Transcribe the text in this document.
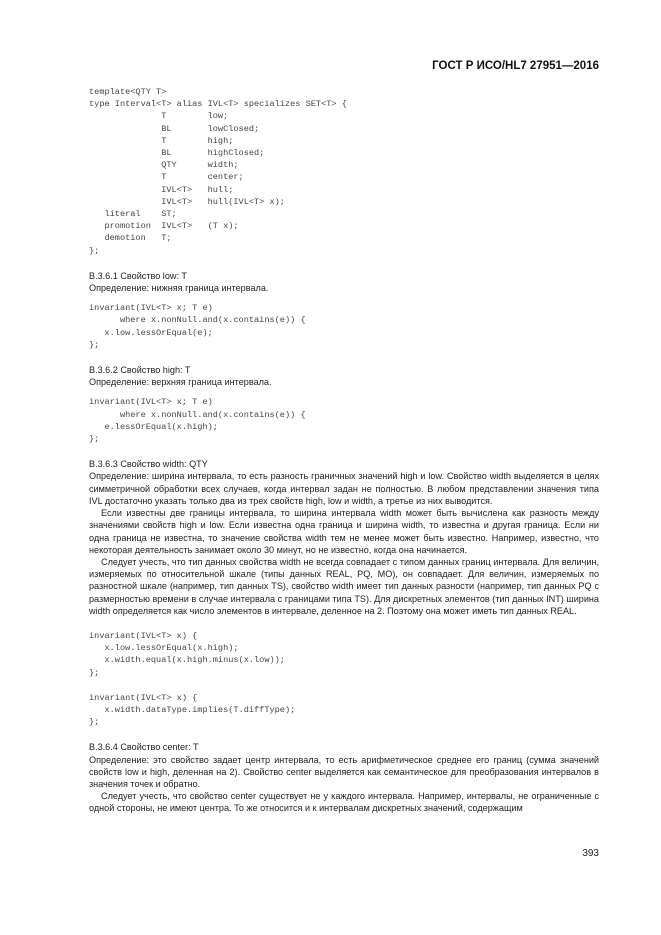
ГОСТ Р ИСО/HL7 27951—2016
template<QTY T>
type Interval<T> alias IVL<T> specializes SET<T> {
T        low;
BL       lowClosed;
T        high;
BL       highClosed;
QTY      width;
T        center;
IVL<T>   hull;
IVL<T>   hull(IVL<T> x);
literal    ST;
promotion  IVL<T>   (T x);
demotion   T;
};

B.3.6.1 Свойство low: T

Определение: нижняя граница интервала.

invariant(IVL<T> x; T e)
where x.nonNull.and(x.contains(e)) {
x.low.lessOrEqual(e);
};

B.3.6.2 Свойство high: T

Определение: верхняя граница интервала.

invariant(IVL<T> x; T e)
where x.nonNull.and(x.contains(e)) {
e.lessOrEqual(x.high);
};

B.3.6.3 Свойство width: QTY

Определение: ширина интервала, то есть разность граничных значений high и low. Свойство width выделяется в целях симметричной обработки всех случаев, когда интервал задан не полностью. В любом представлении значения типа IVL достаточно указать только два из трех свойств high, low и width, а третье из них выводится.

Если известны две границы интервала, то ширина интервала width может быть вычислена как разность между значениями свойств high и low. Если известна одна граница и ширина width, то известна и другая граница. Если ни одна граница не известна, то значение свойства width тем не менее может быть известно. Например, известно, что некоторая деятельность занимает около 30 минут, но не известно, когда она начинается.

Следует учесть, что тип данных свойства width не всегда совпадает с типом данных границ интервала. Для величин, измеряемых по относительной шкале (типы данных REAL, PQ, MO), он совпадает. Для величин, измеряемых по разностной шкале (например, тип данных TS), свойство width имеет тип данных разности (например, тип данных PQ с размерностью времени в случае интервала с границами типа TS). Для дискретных элементов (тип данных INT) ширина width определяется как число элементов в интервале, деленное на 2. Поэтому она может иметь тип данных REAL.

invariant(IVL<T> x) {
x.low.lessOrEqual(x.high);
x.width.equal(x.high.minus(x.low));
};
invariant(IVL<T> x) {
x.width.dataType.implies(T.diffType);
};

B.3.6.4 Свойство center: T

Определение: это свойство задает центр интервала, то есть арифметическое среднее его границ (сумма значений свойств low и high, деленная на 2). Свойство center выделяется как семантическое для преобразования интервалов в значения точек и обратно.

Следует учесть, что свойство center существует не у каждого интервала. Например, интервалы, не ограниченные с одной стороны, не имеют центра. То же относится и к интервалам дискретных значений, содержащим

393
